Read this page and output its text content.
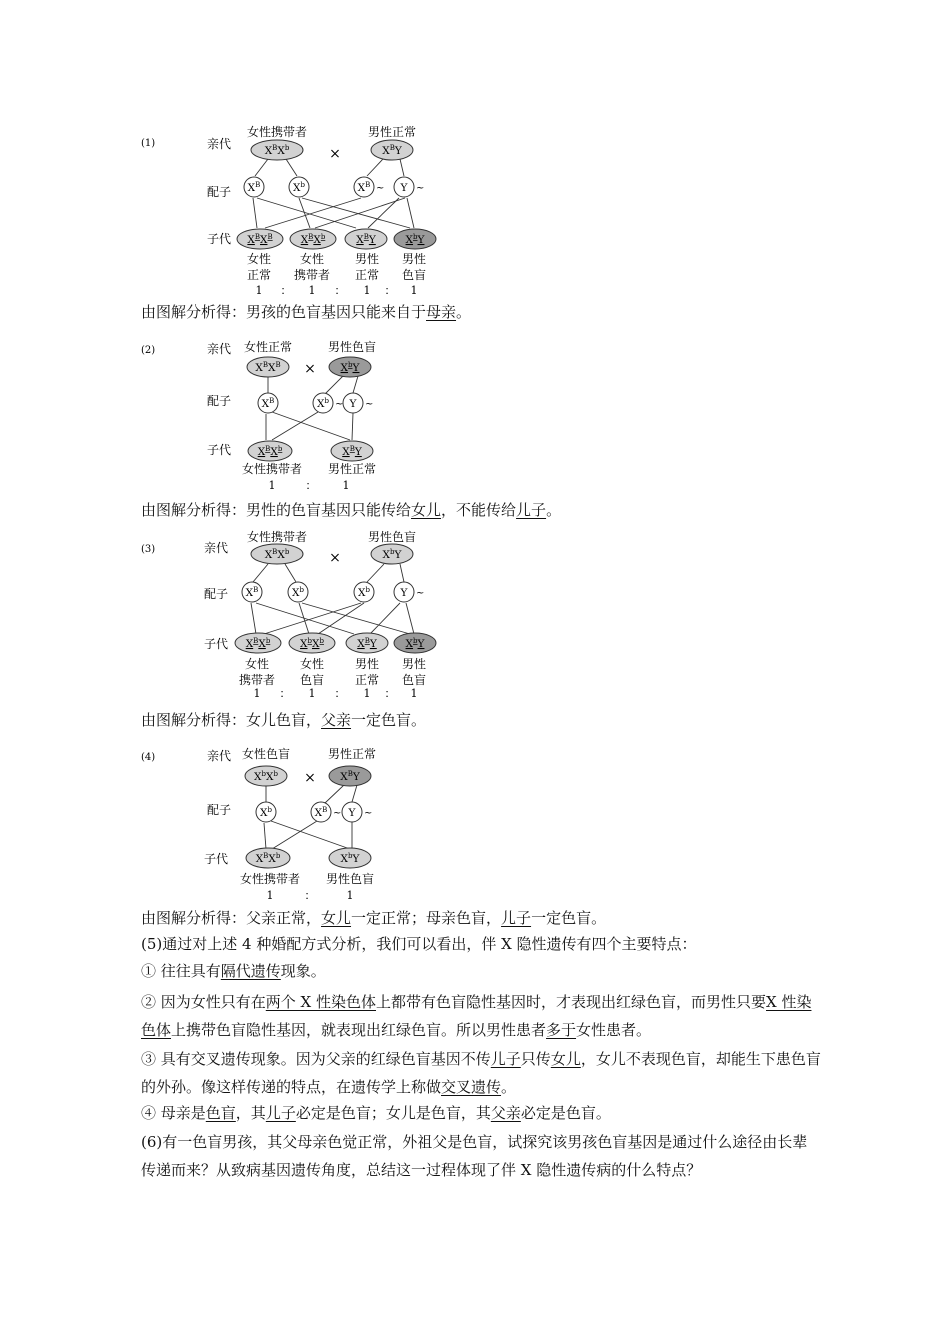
(1)	亲代
配子
子代
女性携带者	男性正常
×
$X^BX^b$	$X^BY$
$X^B$	$X^b$	$X^B$ ~ Y ~
$X^BX^B$	$X^BX^b$	$X^BY$	$X^bY$
女性
正常
女性
携带者
男性
正常
男性
色盲
1 ： 1 ： 1 ： 1
由图解分析得：男孩的色盲基因只能来自于母亲。
(2)	亲代
配子
子代
女性正常	男性色盲
×
$X^BX^B$	$X^bY$
$X^B$	$X^b$ ~ Y ~
$X^BX^b$	$X^BY$
女性携带者 男性正常
1	： 1
由图解分析得：男性的色盲基因只能传给女儿，不能传给儿子。
(3)	亲代
配子
子代
女性携带者	男性色盲
×
$X^BX^b$	$X^bY$
$X^B$	$X^b$	$X^b$	Y ~
$X^BX^b$	$X^bX^b$	$X^BY$	$X^bY$
女性
携带者
女性
色盲
男性
正常
男性
色盲
1 ： 1 ： 1 ： 1
由图解分析得：女儿色盲，父亲一定色盲。
(4)	亲代
配子
子代
女性色盲	男性正常
×
$X^bX^b$	$X^BY$
$X^b$	$X^B$ ~ Y ~
$X^BX^b$	$X^bY$
女性携带者 男性色盲
1	：	1
由图解分析得：父亲正常，女儿一定正常；母亲色盲，儿子一定色盲。
(5)通过对上述 4 种婚配方式分析，我们可以看出，伴 X 隐性遗传有四个主要特点：
① 往往具有隔代遗传现象。
② 因为女性只有在两个 X 性染色体上都带有色盲隐性基因时，才表现出红绿色盲，而男性只要X 性染色体上携带色盲隐性基因，就表现出红绿色盲。所以男性患者多于女性患者。
③ 具有交叉遗传现象。因为父亲的红绿色盲基因不传儿子只传女儿，女儿不表现色盲，却能生下患色盲的外孙。像这样传递的特点，在遗传学上称做交叉遗传。
④ 母亲是色盲，其儿子必定是色盲；女儿是色盲，其父亲必定是色盲。
(6)有一色盲男孩，其父母亲色觉正常，外祖父是色盲，试探究该男孩色盲基因是通过什么途径由长辈传递而来？从致病基因遗传角度，总结这一过程体现了伴 X 隐性遗传病的什么特点？
